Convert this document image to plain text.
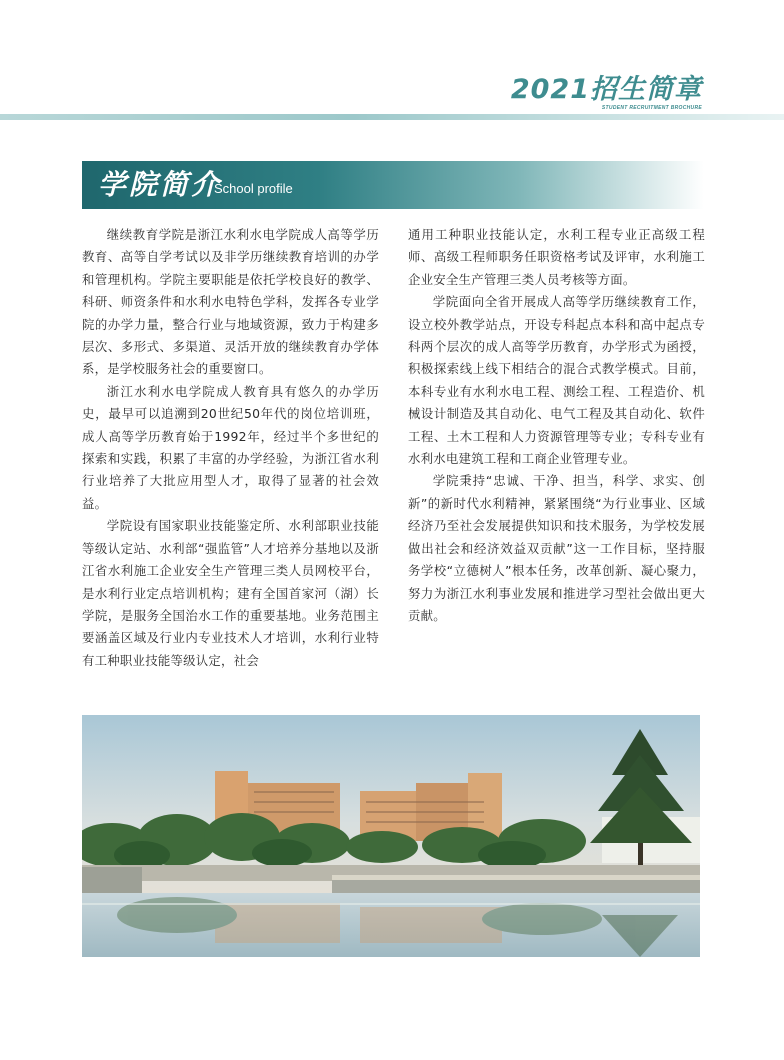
2021招生简章
STUDENT RECRUITMENT BROCHURE
学院简介
School profile

继续教育学院是浙江水利水电学院成人高等学历教育、高等自学考试以及非学历继续教育培训的办学和管理机构。学院主要职能是依托学校良好的教学、科研、师资条件和水利水电特色学科，发挥各专业学院的办学力量，整合行业与地域资源，致力于构建多层次、多形式、多渠道、灵活开放的继续教育办学体系，是学校服务社会的重要窗口。

浙江水利水电学院成人教育具有悠久的办学历史，最早可以追溯到20世纪50年代的岗位培训班，成人高等学历教育始于1992年，经过半个多世纪的探索和实践，积累了丰富的办学经验，为浙江省水利行业培养了大批应用型人才，取得了显著的社会效益。

学院设有国家职业技能鉴定所、水利部职业技能等级认定站、水利部“强监管”人才培养分基地以及浙江省水利施工企业安全生产管理三类人员网校平台，是水利行业定点培训机构；建有全国首家河（湖）长学院，是服务全国治水工作的重要基地。业务范围主要涵盖区域及行业内专业技术人才培训，水利行业特有工种职业技能等级认定，社会

通用工种职业技能认定，水利工程专业正高级工程师、高级工程师职务任职资格考试及评审，水利施工企业安全生产管理三类人员考核等方面。

学院面向全省开展成人高等学历继续教育工作，设立校外教学站点，开设专科起点本科和高中起点专科两个层次的成人高等学历教育，办学形式为函授，积极探索线上线下相结合的混合式教学模式。目前，本科专业有水利水电工程、测绘工程、工程造价、机械设计制造及其自动化、电气工程及其自动化、软件工程、土木工程和人力资源管理等专业；专科专业有水利水电建筑工程和工商企业管理专业。

学院秉持“忠诚、干净、担当，科学、求实、创新”的新时代水利精神，紧紧围绕“为行业事业、区域经济乃至社会发展提供知识和技术服务，为学校发展做出社会和经济效益双贡献”这一工作目标，坚持服务学校“立德树人”根本任务，改革创新、凝心聚力，努力为浙江水利事业发展和推进学习型社会做出更大贡献。
